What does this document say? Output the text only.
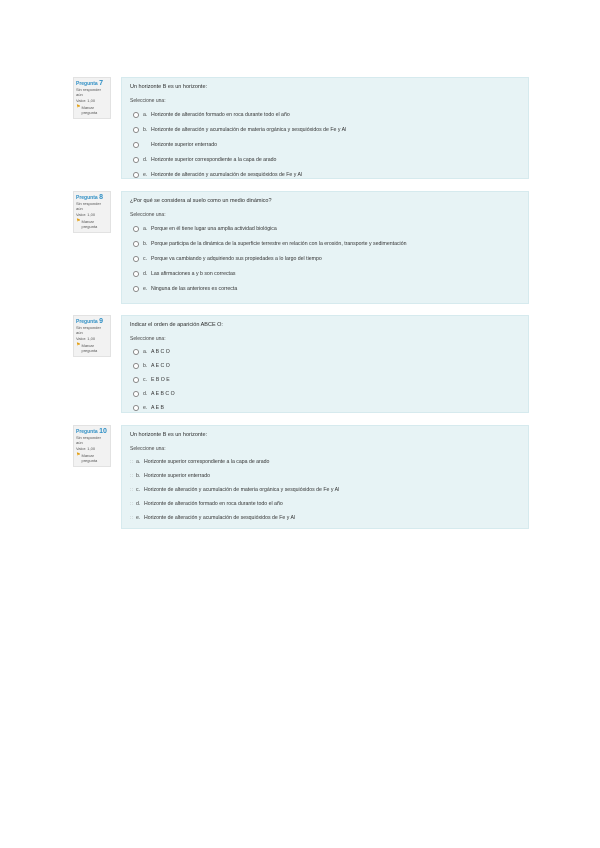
Pregunta 7
Sin responder aún
Valor: 1,00
⚑ Marcar pregunta
Un horizonte B es un horizonte:
Seleccione una:
a. Horizonte de alteración formado en roca durante todo el año
b. Horizonte de alteración y acumulación de materia orgánica y sesquióxidos de Fe y Al
Horizonte superior enterrado
d. Horizonte superior correspondiente a la capa de arado
e. Horizonte de alteración y acumulación de sesquióxidos de Fe y Al
Pregunta 8
Sin responder aún
Valor: 1,00
⚑ Marcar pregunta
¿Por qué se considera al suelo como un medio dinámico?
Seleccione una:
a. Porque en él tiene lugar una amplia actividad biológica
b. Porque participa de la dinámica de la superficie terrestre en relación con la erosión, transporte y sedimentación
c. Porque va cambiando y adquiriendo sus propiedades a lo largo del tiempo
d. Las afirmaciones a y b son correctas
e. Ninguna de las anteriores es correcta
Pregunta 9
Sin responder aún
Valor: 1,00
⚑ Marcar pregunta
Indicar el orden de aparición ABCE O:
Seleccione una:
a. A B C O
b. A E C O
c. E B O E
d. A E B C O
e. A E B
Pregunta 10
Sin responder aún
Valor: 1,00
⚑ Marcar pregunta
Un horizonte B es un horizonte:
Seleccione una:
∷ a. Horizonte superior correspondiente a la capa de arado
∷ b. Horizonte superior enterrado
∷ c. Horizonte de alteración y acumulación de materia orgánica y sesquióxidos de Fe y Al
∷ d. Horizonte de alteración formado en roca durante todo el año
∷ e. Horizonte de alteración y acumulación de sesquióxidos de Fe y Al
